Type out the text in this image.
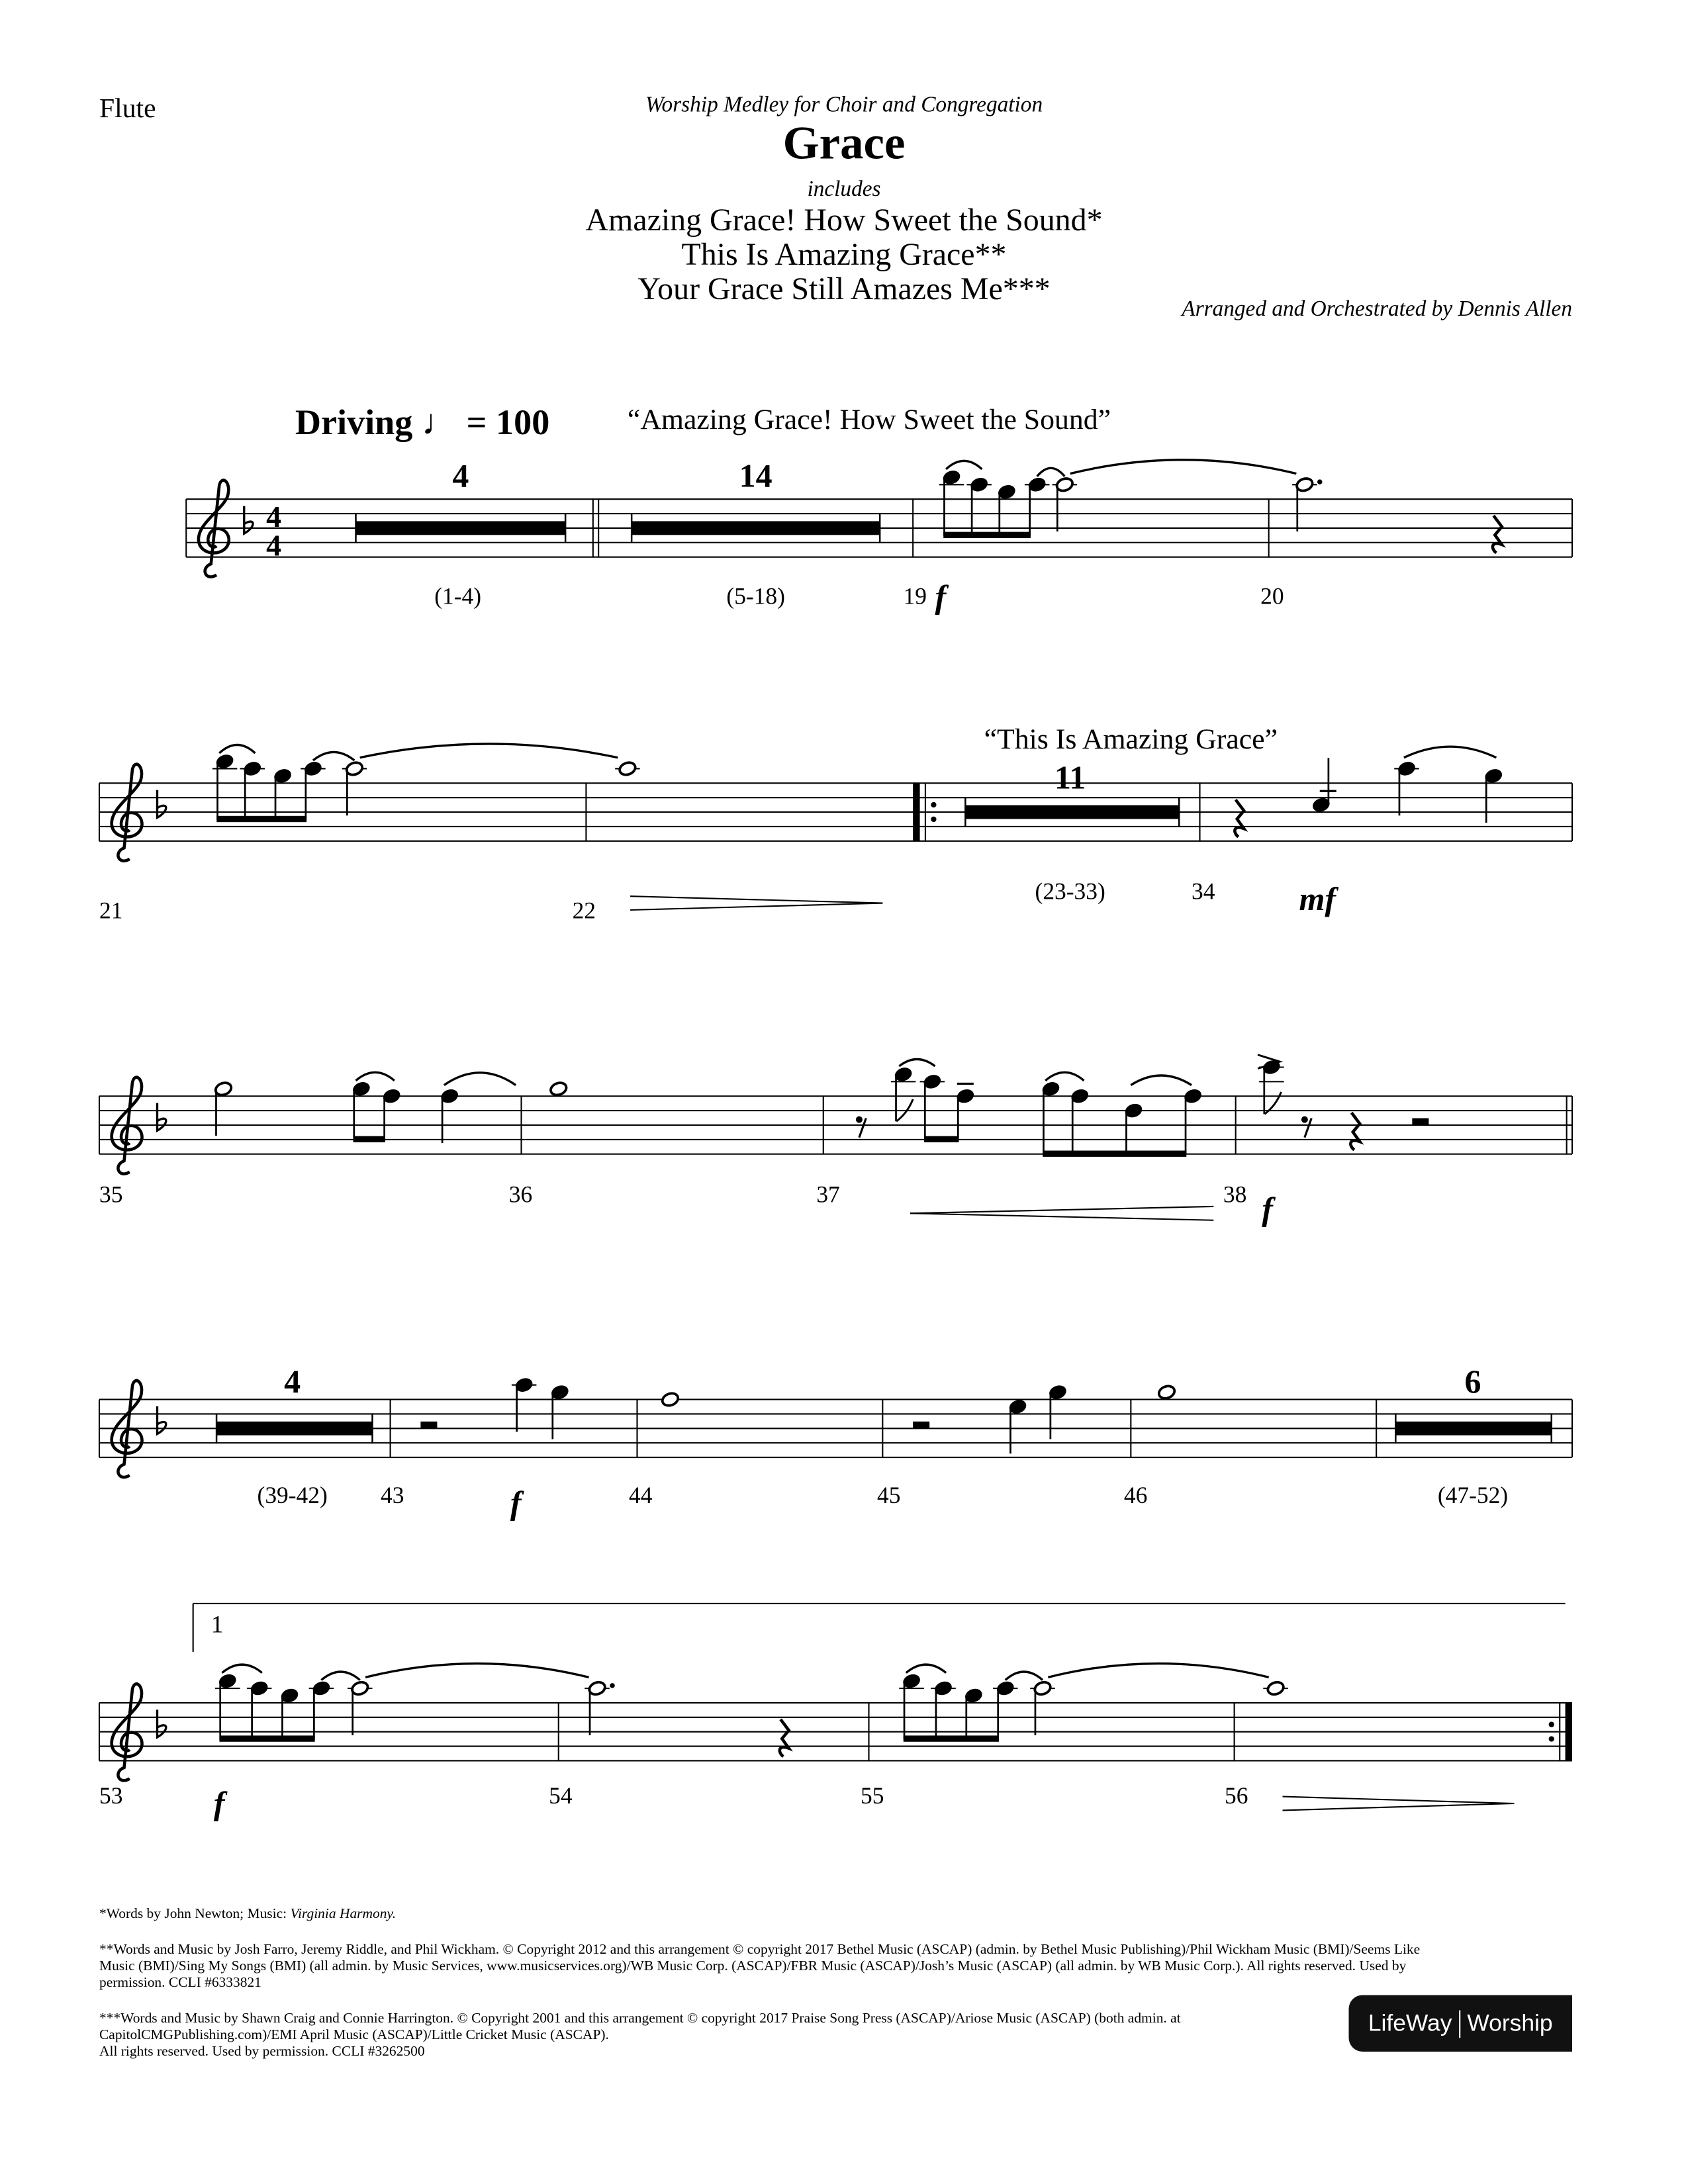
4
4
Flute	Worship Medley for Choir and Congregation
Grace
includes
Amazing Grace! How Sweet the Sound*
This Is Amazing Grace**
Your Grace Still Amazes Me***
Arranged and Orchestrated by Dennis Allen
Driving ♩ = 100	“Amazing Grace! How Sweet the Sound”
“This Is Amazing Grace”
4
(1-4)
14
(5-18)
11
(23-33)
4
(39-42)
6
(47-52)
19	20
21	22
34
35	36	37	38
43	44	45	46
53	54	55	56
f
mf
f
f
f
1
*Words by John Newton; Music: Virginia Harmony.
**Words and Music by Josh Farro, Jeremy Riddle, and Phil Wickham. © Copyright 2012 and this arrangement © copyright 2017 Bethel Music (ASCAP) (admin. by Bethel Music Publishing)/Phil Wickham Music (BMI)/Seems Like Music (BMI)/Sing My Songs (BMI) (all admin. by Music Services, www.musicservices.org)/WB Music Corp. (ASCAP)/FBR Music (ASCAP)/Josh’s Music (ASCAP) (all admin. by WB Music Corp.). All rights reserved. Used by permission. CCLI #6333821
***Words and Music by Shawn Craig and Connie Harrington. © Copyright 2001 and this arrangement © copyright 2017 Praise Song Press (ASCAP)/Ariose Music (ASCAP) (both admin. at CapitolCMGPublishing.com)/EMI April Music (ASCAP)/Little Cricket Music (ASCAP).
All rights reserved. Used by permission. CCLI #3262500
LifeWay Worship
